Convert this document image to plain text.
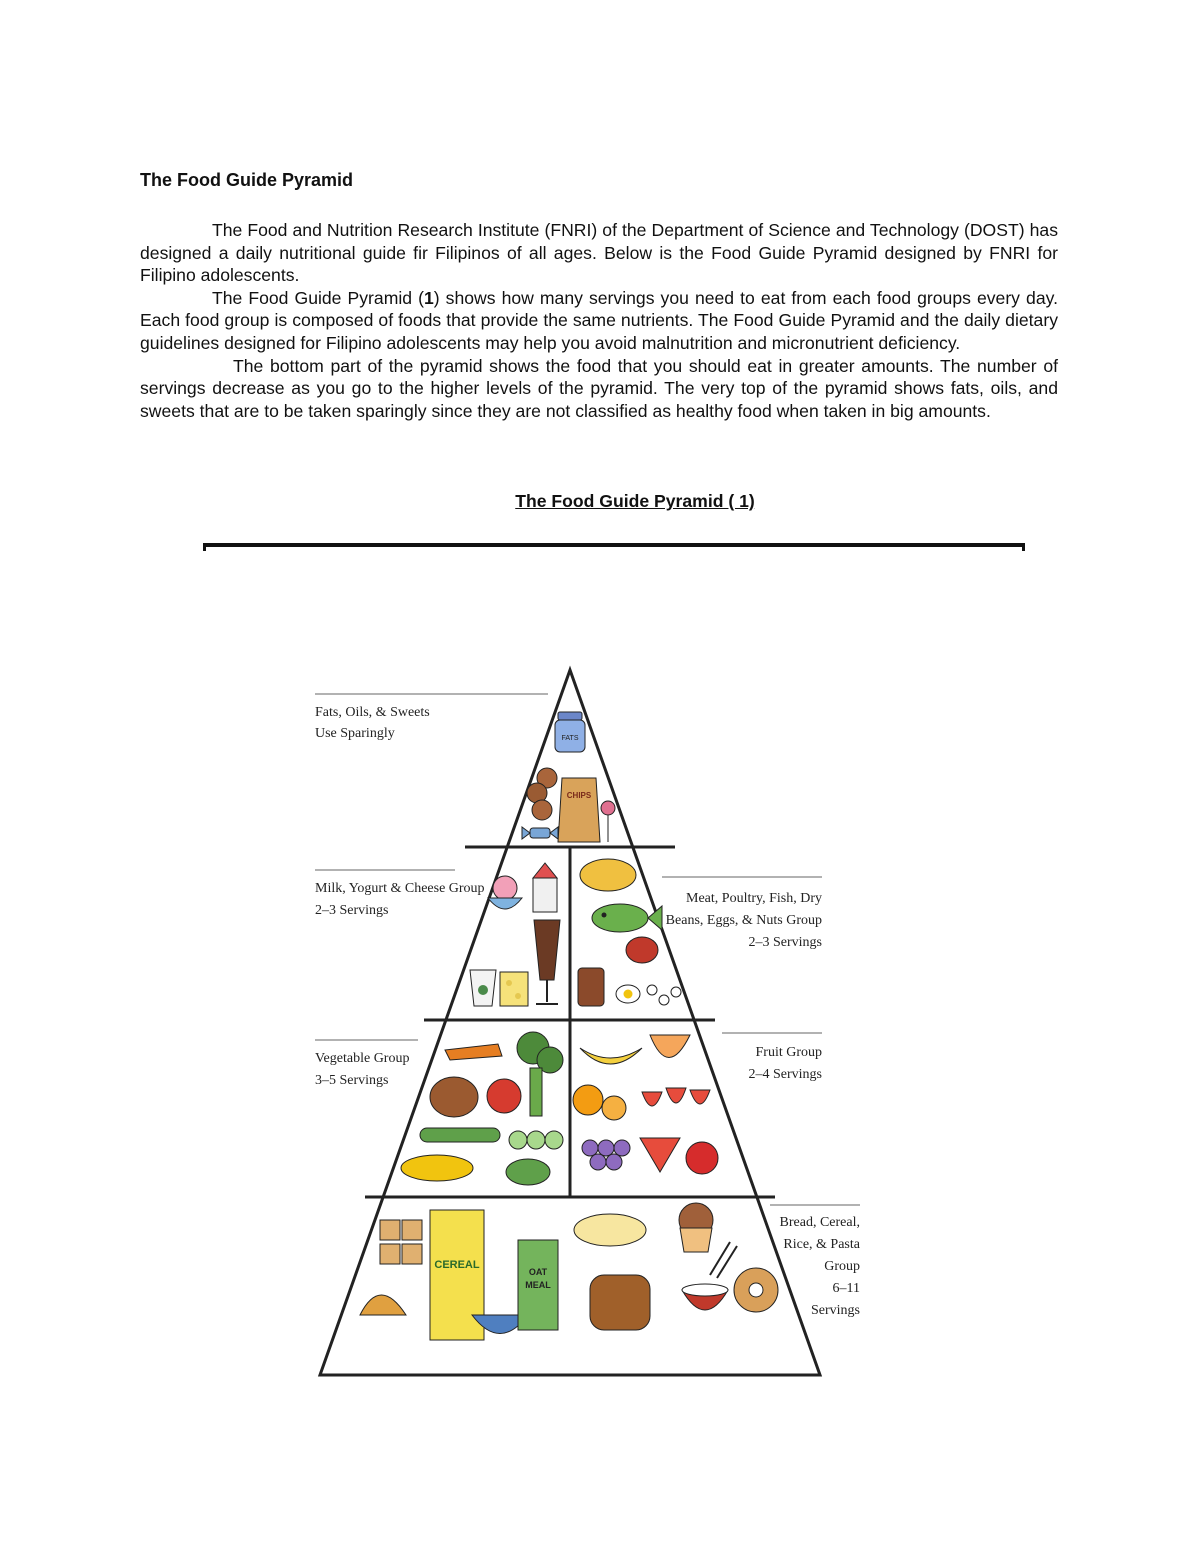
The Food Guide Pyramid

The Food and Nutrition Research Institute (FNRI) of the Department of Science and Technology (DOST) has designed a daily nutritional guide fir Filipinos of all ages. Below is the Food Guide Pyramid designed by FNRI for Filipino adolescents.

The Food Guide Pyramid (1) shows how many servings you need to eat from each food groups every day. Each food group is composed of foods that provide the same nutrients. The Food Guide Pyramid and the daily dietary guidelines designed for Filipino adolescents may help you avoid malnutrition and micronutrient deficiency.

The bottom part of the pyramid shows the food that you should eat in greater amounts. The number of servings decrease as you go to the higher levels of the pyramid. The very top of the pyramid shows fats, oils, and sweets that are to be taken sparingly since they are not classified as healthy food when taken in big amounts.

The Food Guide Pyramid ( 1)
Fats, Oils, & Sweets
Use Sparingly
Milk, Yogurt & Cheese Group
2–3 Servings
Meat, Poultry, Fish, Dry
Beans, Eggs, & Nuts Group
2–3 Servings
Vegetable Group
3–5 Servings
Fruit Group
2–4 Servings
Bread, Cereal,
Rice, & Pasta
Group
6–11
Servings
FATS
CHIPS
CEREAL
OAT
MEAL
